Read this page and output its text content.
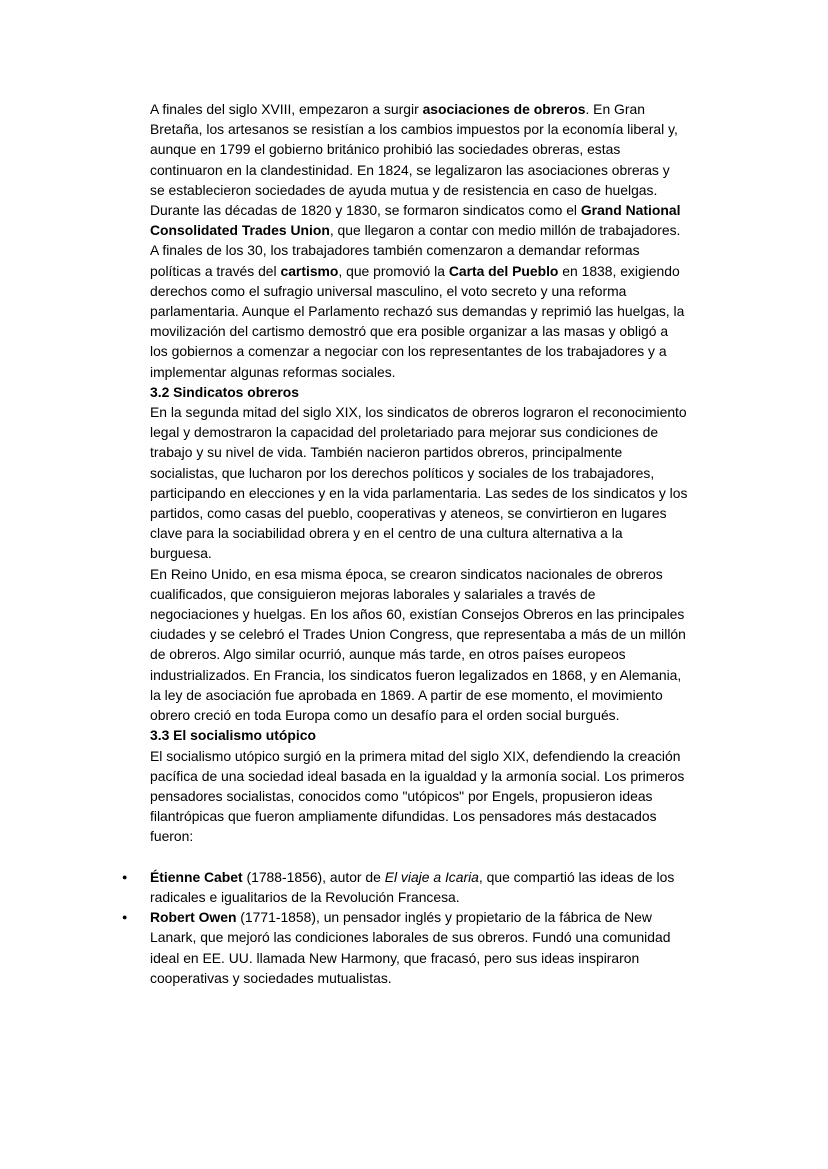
A finales del siglo XVIII, empezaron a surgir asociaciones de obreros. En Gran Bretaña, los artesanos se resistían a los cambios impuestos por la economía liberal y, aunque en 1799 el gobierno británico prohibió las sociedades obreras, estas continuaron en la clandestinidad. En 1824, se legalizaron las asociaciones obreras y se establecieron sociedades de ayuda mutua y de resistencia en caso de huelgas. Durante las décadas de 1820 y 1830, se formaron sindicatos como el Grand National Consolidated Trades Union, que llegaron a contar con medio millón de trabajadores.

A finales de los 30, los trabajadores también comenzaron a demandar reformas políticas a través del cartismo, que promovió la Carta del Pueblo en 1838, exigiendo derechos como el sufragio universal masculino, el voto secreto y una reforma parlamentaria. Aunque el Parlamento rechazó sus demandas y reprimió las huelgas, la movilización del cartismo demostró que era posible organizar a las masas y obligó a los gobiernos a comenzar a negociar con los representantes de los trabajadores y a implementar algunas reformas sociales.

3.2 Sindicatos obreros

En la segunda mitad del siglo XIX, los sindicatos de obreros lograron el reconocimiento legal y demostraron la capacidad del proletariado para mejorar sus condiciones de trabajo y su nivel de vida. También nacieron partidos obreros, principalmente socialistas, que lucharon por los derechos políticos y sociales de los trabajadores, participando en elecciones y en la vida parlamentaria. Las sedes de los sindicatos y los partidos, como casas del pueblo, cooperativas y ateneos, se convirtieron en lugares clave para la sociabilidad obrera y en el centro de una cultura alternativa a la burguesa.

En Reino Unido, en esa misma época, se crearon sindicatos nacionales de obreros cualificados, que consiguieron mejoras laborales y salariales a través de negociaciones y huelgas. En los años 60, existían Consejos Obreros en las principales ciudades y se celebró el Trades Union Congress, que representaba a más de un millón de obreros. Algo similar ocurrió, aunque más tarde, en otros países europeos industrializados. En Francia, los sindicatos fueron legalizados en 1868, y en Alemania, la ley de asociación fue aprobada en 1869. A partir de ese momento, el movimiento obrero creció en toda Europa como un desafío para el orden social burgués.

3.3 El socialismo utópico

El socialismo utópico surgió en la primera mitad del siglo XIX, defendiendo la creación pacífica de una sociedad ideal basada en la igualdad y la armonía social. Los primeros pensadores socialistas, conocidos como "utópicos" por Engels, propusieron ideas filantrópicas que fueron ampliamente difundidas. Los pensadores más destacados fueron:

●	Étienne Cabet (1788-1856), autor de El viaje a Icaria, que compartió las ideas de los radicales e igualitarios de la Revolución Francesa.
●	Robert Owen (1771-1858), un pensador inglés y propietario de la fábrica de New Lanark, que mejoró las condiciones laborales de sus obreros. Fundó una comunidad ideal en EE. UU. llamada New Harmony, que fracasó, pero sus ideas inspiraron cooperativas y sociedades mutualistas.
